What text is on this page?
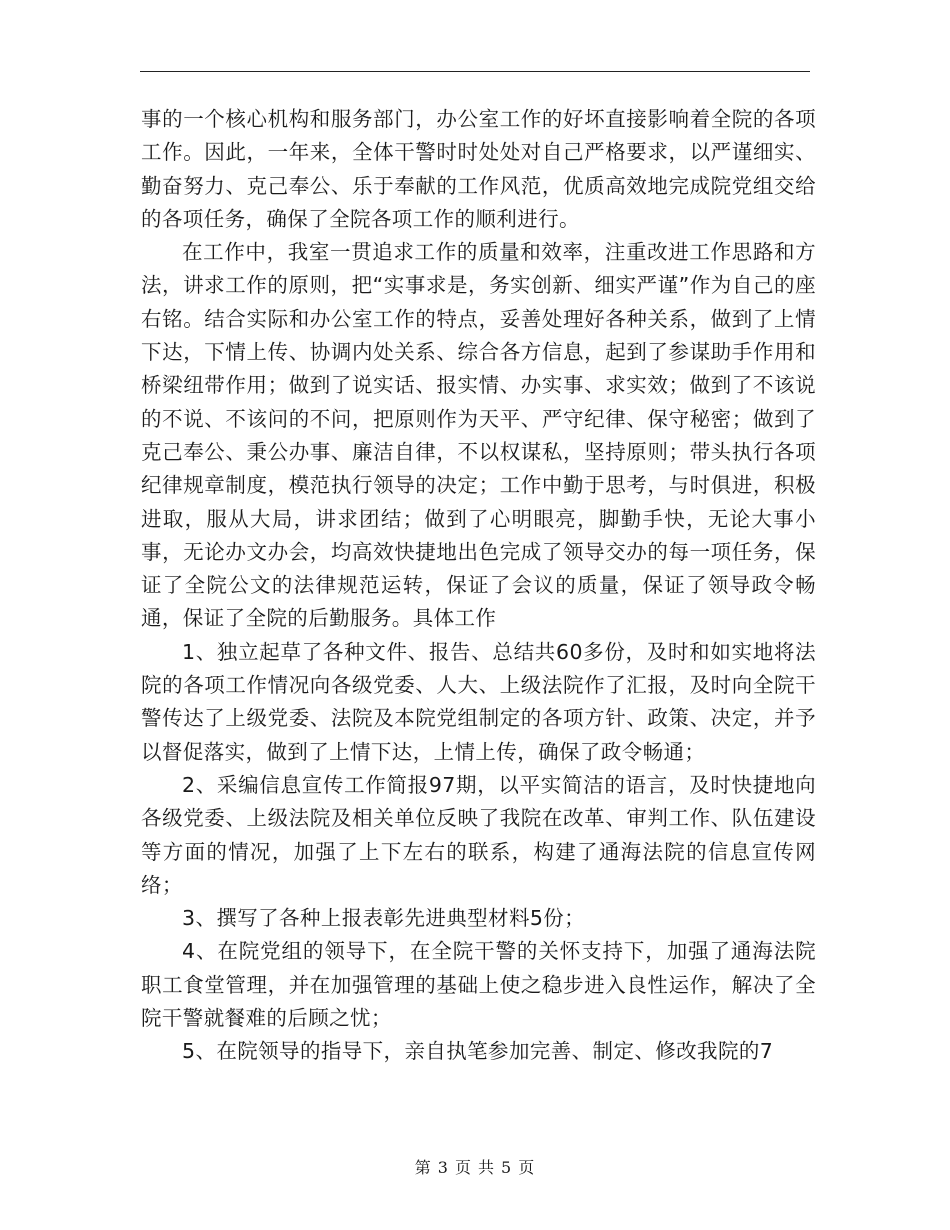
事的一个核心机构和服务部门，办公室工作的好坏直接影响着全院的各项工作。因此，一年来，全体干警时时处处对自己严格要求，以严谨细实、勤奋努力、克己奉公、乐于奉献的工作风范，优质高效地完成院党组交给的各项任务，确保了全院各项工作的顺利进行。

在工作中，我室一贯追求工作的质量和效率，注重改进工作思路和方法，讲求工作的原则，把“实事求是，务实创新、细实严谨”作为自己的座右铭。结合实际和办公室工作的特点，妥善处理好各种关系，做到了上情下达，下情上传、协调内处关系、综合各方信息，起到了参谋助手作用和桥梁纽带作用；做到了说实话、报实情、办实事、求实效；做到了不该说的不说、不该问的不问，把原则作为天平、严守纪律、保守秘密；做到了克己奉公、秉公办事、廉洁自律，不以权谋私，坚持原则；带头执行各项纪律规章制度，模范执行领导的决定；工作中勤于思考，与时俱进，积极进取，服从大局，讲求团结；做到了心明眼亮，脚勤手快，无论大事小事，无论办文办会，均高效快捷地出色完成了领导交办的每一项任务，保证了全院公文的法律规范运转，保证了会议的质量，保证了领导政令畅通，保证了全院的后勤服务。具体工作

1、独立起草了各种文件、报告、总结共60多份，及时和如实地将法院的各项工作情况向各级党委、人大、上级法院作了汇报，及时向全院干警传达了上级党委、法院及本院党组制定的各项方针、政策、决定，并予以督促落实，做到了上情下达，上情上传，确保了政令畅通；

2、采编信息宣传工作简报97期，以平实简洁的语言，及时快捷地向各级党委、上级法院及相关单位反映了我院在改革、审判工作、队伍建设等方面的情况，加强了上下左右的联系，构建了通海法院的信息宣传网络；

3、撰写了各种上报表彰先进典型材料5份；

4、在院党组的领导下，在全院干警的关怀支持下，加强了通海法院职工食堂管理，并在加强管理的基础上使之稳步进入良性运作，解决了全院干警就餐难的后顾之忧；

5、在院领导的指导下，亲自执笔参加完善、制定、修改我院的7

第 3 页 共 5 页
